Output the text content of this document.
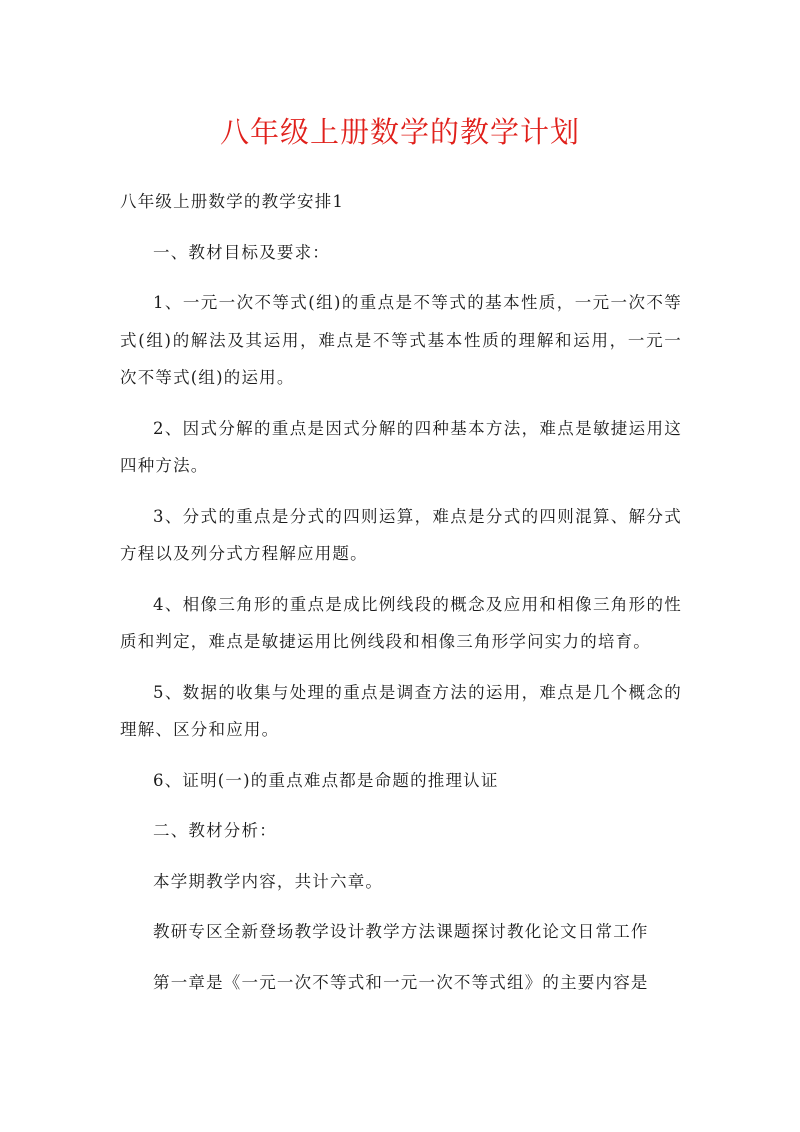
八年级上册数学的教学计划

八年级上册数学的教学安排1

一、教材目标及要求：

1、一元一次不等式(组)的重点是不等式的基本性质，一元一次不等式(组)的解法及其运用，难点是不等式基本性质的理解和运用，一元一次不等式(组)的运用。

2、因式分解的重点是因式分解的四种基本方法，难点是敏捷运用这四种方法。

3、分式的重点是分式的四则运算，难点是分式的四则混算、解分式方程以及列分式方程解应用题。

4、相像三角形的重点是成比例线段的概念及应用和相像三角形的性质和判定，难点是敏捷运用比例线段和相像三角形学问实力的培育。

5、数据的收集与处理的重点是调查方法的运用，难点是几个概念的理解、区分和应用。

6、证明(一)的重点难点都是命题的推理认证

二、教材分析：

本学期教学内容，共计六章。

教研专区全新登场教学设计教学方法课题探讨教化论文日常工作

第一章是《一元一次不等式和一元一次不等式组》的主要内容是
